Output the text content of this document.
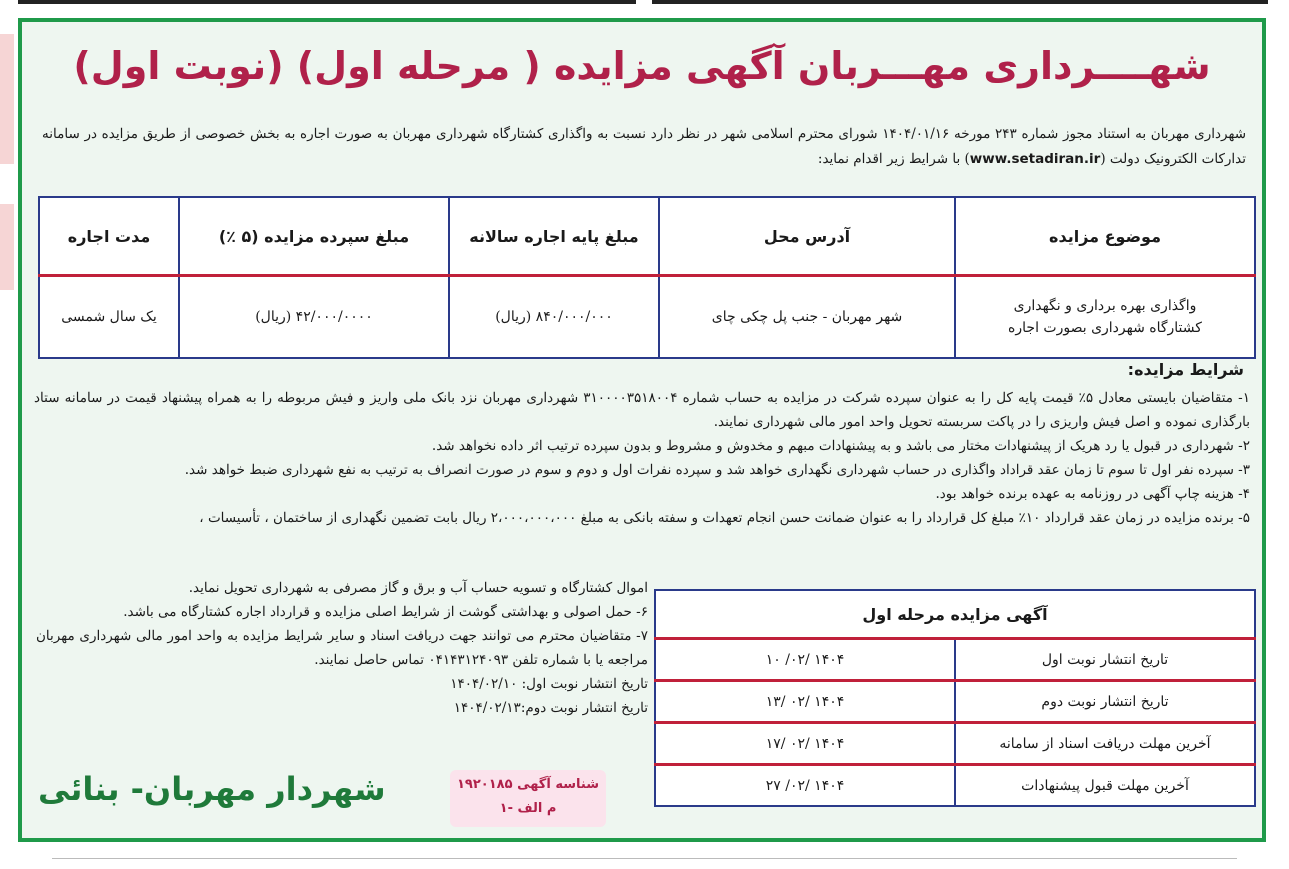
شهــــرداری مهـــربان آگهی مزایده ( مرحله اول) (نوبت اول)
شهرداری مهربان به استناد مجوز شماره ۲۴۳ مورخه ۱۴۰۴/۰۱/۱۶ شورای محترم اسلامی شهر در نظر دارد نسبت به واگذاری کشتارگاه شهرداری مهربان به صورت اجاره به بخش خصوصی از طریق مزایده در سامانه تدارکات الکترونیک دولت (www.setadiran.ir) با شرایط زیر اقدام نماید:
موضوع مزایده	آدرس محل	مبلغ پایه اجاره سالانه	مبلغ سپرده مزایده (۵ ٪)	مدت اجاره
واگذاری بهره برداری و نگهداری کشتارگاه شهرداری بصورت اجاره	شهر مهربان - جنب پل چکی چای	۸۴۰/۰۰۰/۰۰۰ (ریال)	۴۲/۰۰۰/۰۰۰۰ (ریال)	یک سال شمسی
شرایط مزایده:

۱- متقاضیان بایستی معادل ۵٪ قیمت پایه کل را به عنوان سپرده شرکت در مزایده به حساب شماره ۳۱۰۰۰۰۳۵۱۸۰۰۴ شهرداری مهربان نزد بانک ملی واریز و فیش مربوطه را به همراه پیشنهاد قیمت در سامانه ستاد بارگذاری نموده و اصل فیش واریزی را در پاکت سربسته تحویل واحد امور مالی شهرداری نمایند.

۲- شهرداری در قبول یا رد هریک از پیشنهادات مختار می باشد و به پیشنهادات مبهم و مخدوش و مشروط و بدون سپرده ترتیب اثر داده نخواهد شد.

۳- سپرده نفر اول تا سوم تا زمان عقد قراداد واگذاری در حساب شهرداری نگهداری خواهد شد و سپرده نفرات اول و دوم و سوم در صورت انصراف به ترتیب به نفع شهرداری ضبط خواهد شد.

۴- هزینه چاپ آگهی در روزنامه به عهده برنده خواهد بود.

۵- برنده مزایده در زمان عقد قرارداد ۱۰٪ مبلغ کل قرارداد را به عنوان ضمانت حسن انجام تعهدات و سفته بانکی به مبلغ ۲،۰۰۰،۰۰۰،۰۰۰ ریال بابت تضمین نگهداری از ساختمان ، تأسیسات ،

اموال کشتارگاه و تسویه حساب آب و برق و گاز مصرفی به شهرداری تحویل نماید.

۶- حمل اصولی و بهداشتی گوشت از شرایط اصلی مزایده و قرارداد اجاره کشتارگاه می باشد.

۷- متقاضیان محترم می توانند جهت دریافت اسناد و سایر شرایط مزایده به واحد امور مالی شهرداری مهربان مراجعه یا با شماره تلفن ۰۴۱۴۳۱۲۴۰۹۳ تماس حاصل نمایند.

تاریخ انتشار نوبت اول: ۱۴۰۴/۰۲/۱۰

تاریخ انتشار نوبت دوم:۱۴۰۴/۰۲/۱۳

آگهی مزایده مرحله اول	
تاریخ انتشار نوبت اول	۱۴۰۴ /۰۲/ ۱۰
تاریخ انتشار نوبت دوم	۱۴۰۴ /۰۲ /۱۳
آخرین مهلت دریافت اسناد از سامانه	۱۴۰۴ /۰۲ /۱۷
آخرین مهلت قبول پیشنهادات	۱۴۰۴ /۰۲/ ۲۷
شناسه آگهی ۱۹۲۰۱۸۵
م الف -۱
شهردار مهربان- بنائی
